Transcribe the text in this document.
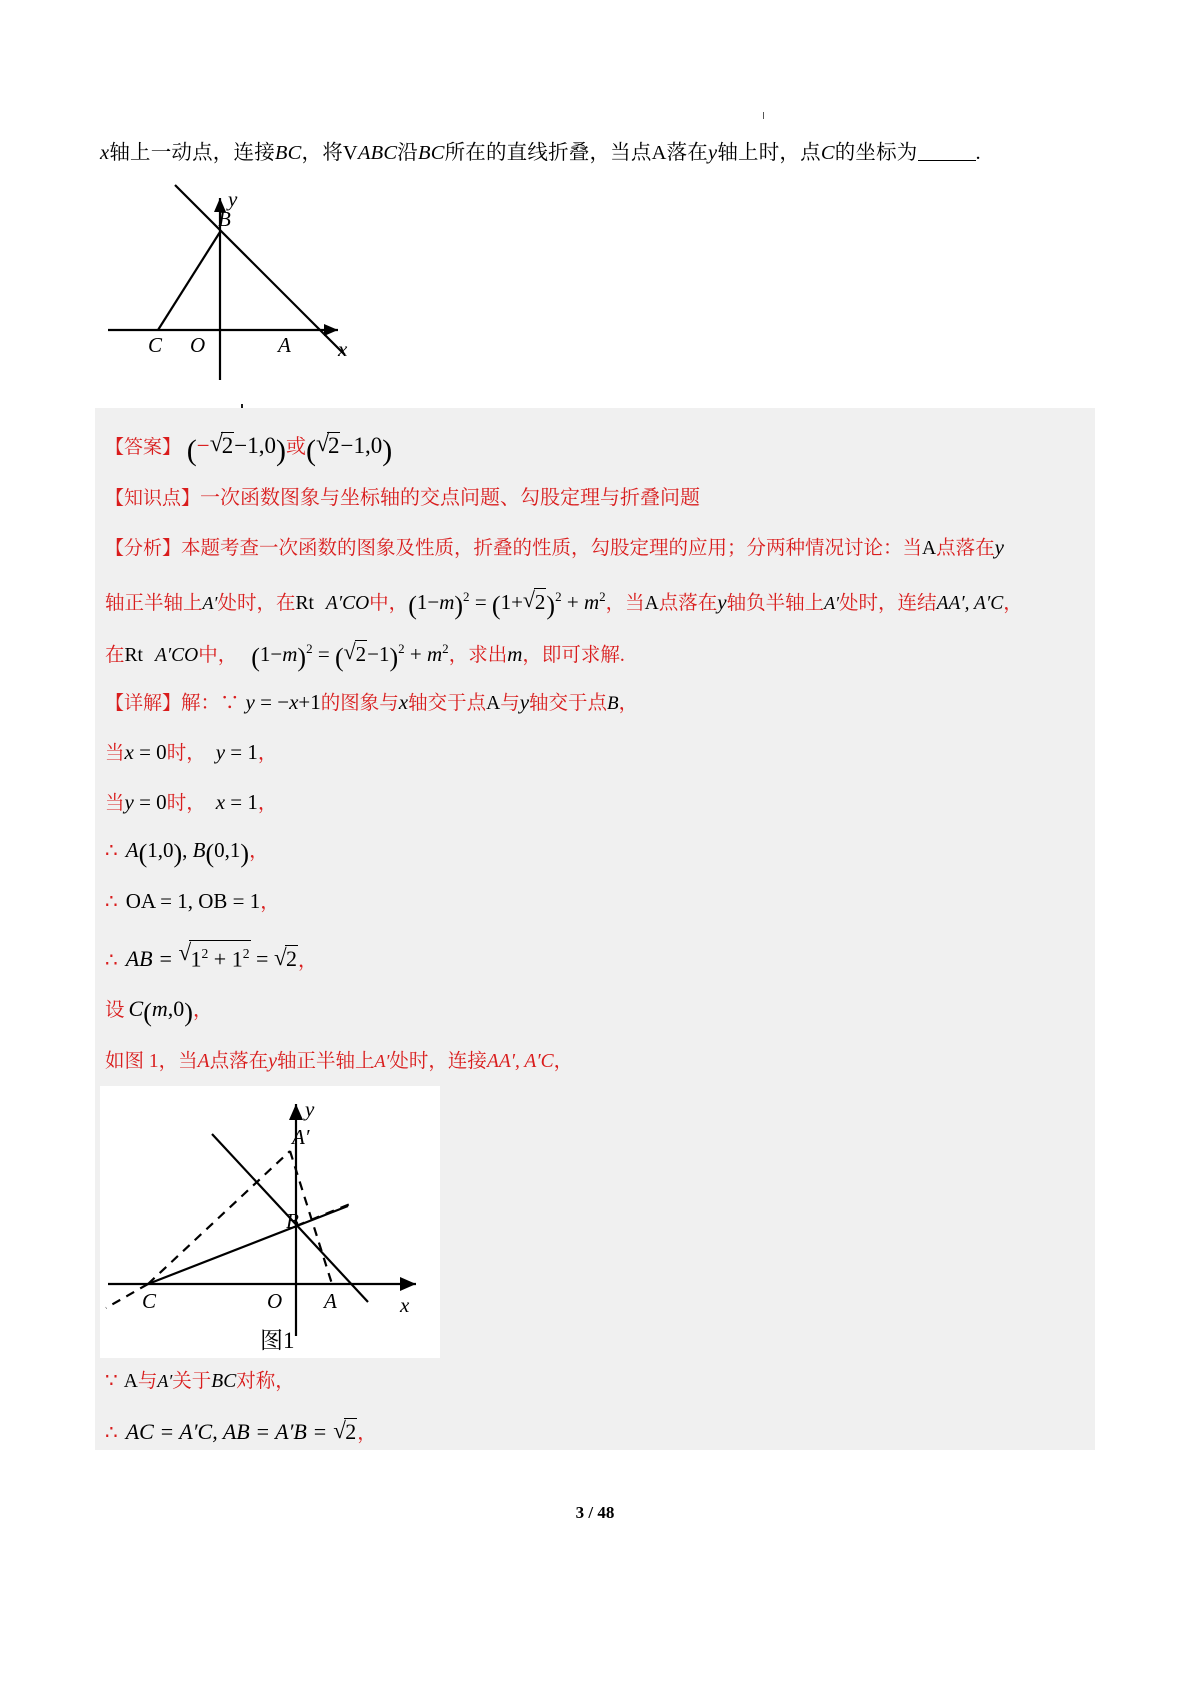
x轴上一动点，连接BC，将VABC沿BC所在的直线折叠，当点A落在y轴上时，点C的坐标为	.
B
C O	A x
y
【答案】 (− √ 2−1,0)或( √ 2−1,0)
【知识点】一次函数图象与坐标轴的交点问题、勾股定理与折叠问题
【分析】本题考查一次函数的图象及性质，折叠的性质，勾股定理的应用；分两种情况讨论：当A点落在y
轴正半轴上A′处时，在Rt A′CO中，$(1-m)^2 = (1+$ √ $2)^2 + m^2$，当A点落在y轴负半轴上A′处时，连结AA′, A′C，
在Rt A′CO中， $(1-m)^2$ = ( √ $2-1)^2 + m^2$，求出m，即可求解.
【详解】解：∵ y = −x+1的图象与x轴交于点A与y轴交于点B，
当x = 0时， y = 1，
当y = 0时， x = 1，
∴ A(1,0), B(0,1)，
∴ OA = 1, OB = 1，
∴ AB = √ $1^2 + 1^2$ = √ 2，
设 C(m,0)，
如图 1，当A点落在y轴正半轴上A′处时，连接AA′, A′C，
A′
B
C	O A	x
y
图1
∵ A与A′关于BC对称，
∴ AC = A′C, AB = A′B = √ 2，
3 / 48
